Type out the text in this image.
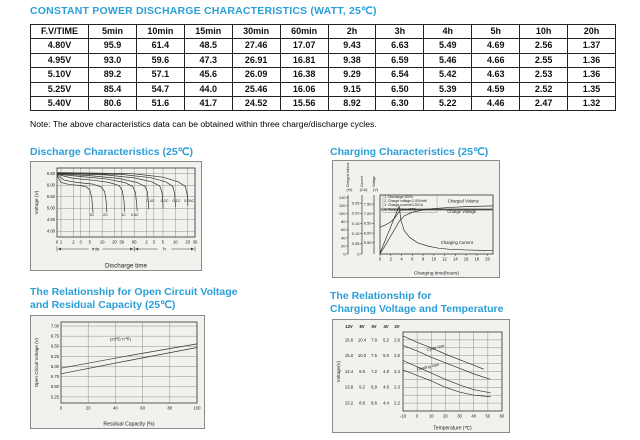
CONSTANT POWER DISCHARGE CHARACTERISTICS (WATT, 25℃)
F.V/TIME	5min	10min	15min	30min	60min	2h	3h	4h	5h	10h	20h
4.80V	95.9	61.4	48.5	27.46	17.07	9.43	6.63	5.49	4.69	2.56	1.37
4.95V	93.0	59.6	47.3	26.91	16.81	9.38	6.59	5.46	4.66	2.55	1.36
5.10V	89.2	57.1	45.6	26.09	16.38	9.29	6.54	5.42	4.63	2.53	1.36
5.25V	85.4	54.7	44.0	25.46	16.06	9.15	6.50	5.39	4.59	2.52	1.35
5.40V	80.6	51.6	41.7	24.52	15.56	8.92	6.30	5.22	4.46	2.47	1.32
Note: The above characteristics data can be obtained within three charge/discharge cycles.
Discharge Characteristics (25℃)
0 1 2 3 5 10 20 30 60 2 3 5 10 20 30
4.00
4.50
5.00
5.50
6.00
6.50
min	h
3C 2C	1C 0.6C
0.4C 0.2C 0.1C 0.05C
Discharge time
Voltage (V)
Charging Characteristics (25℃)
0 2 4 6 8 10 12 14 16 18 20
0
20
40
60
80
100
120
140
(%)
Charged Volume
0
0.05
0.10
0.15
0.20
0.25
(CA)
Current
5.50
6.00
6.50
7.00
7.50
(V)
Voltage
1. Discharge:100%
2. Charge voltage:2.40V/cell
3. Charge current:0.20CA
4. Temperature:25℃
Charged Volume
Charge Voltage
Charging Current
Charging time(hours)
The Relationship for Open Circuit Voltage
and Residual Capacity (25℃)
0	20	40	60	80	100
5.25
5.50
5.75
6.00
6.25
6.50
6.75
7.00
(25℃/77℉)
Residual Capacity (%)
Open Circuit Voltage (V)
The Relationship for
Charging Voltage and Temperature
-10 0	10 20 30 40 50 60
12V
15.6
15.0
14.4
13.8
13.2
8V
10.4
10.0
9.6
9.2
8.8
6V
7.8
7.5
7.2
6.9
6.6
4V
5.2
5.0
4.8
4.6
4.4
2V
2.6
2.5
2.4
2.3
2.2
Cycle Use
Floating Use
Temperature (℃)
Voltage(V)
